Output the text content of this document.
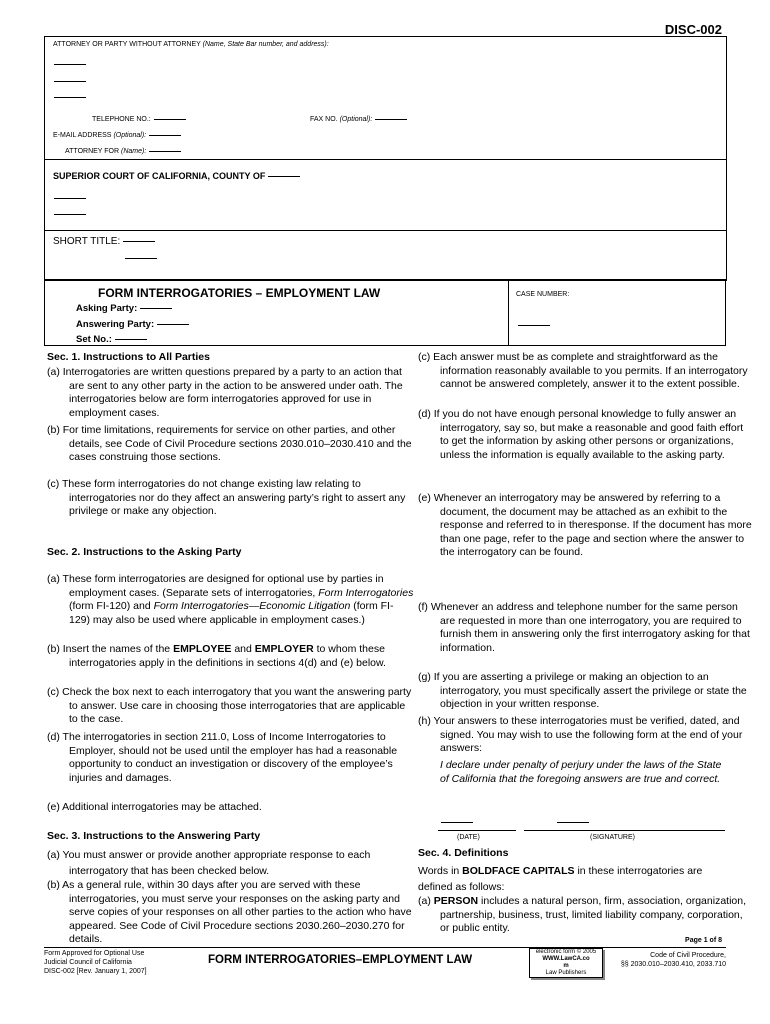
DISC-002
ATTORNEY OR PARTY WITHOUT ATTORNEY (Name, State Bar number, and address):
TELEPHONE NO.:	FAX NO. (Optional):
E-MAIL ADDRESS (Optional):
ATTORNEY FOR (Name):
SUPERIOR COURT OF CALIFORNIA, COUNTY OF
SHORT TITLE:
FORM INTERROGATORIES – EMPLOYMENT LAW
Asking Party:
Answering Party:
Set No.:
CASE NUMBER:
Sec. 1. Instructions to All Parties
(a) Interrogatories are written questions prepared by a party to an action that are sent to any other party in the action to be answered under oath. The interrogatories below are form interrogatories approved for use in employment cases.
(b) For time limitations, requirements for service on other parties, and other details, see Code of Civil Procedure sections 2030.010–2030.410 and the cases construing those sections.
(c) These form interrogatories do not change existing law relating to interrogatories nor do they affect an answering party’s right to assert any privilege or make any objection.
Sec. 2. Instructions to the Asking Party
(a) These form interrogatories are designed for optional use by parties in employment cases. (Separate sets of interrogatories, Form Interrogatories (form FI-120) and Form Interrogatories—Economic Litigation (form FI-129) may also be used where applicable in employment cases.)
(b) Insert the names of the EMPLOYEE and EMPLOYER to whom these interrogatories apply in the definitions in sections 4(d) and (e) below.
(c) Check the box next to each interrogatory that you want the answering party to answer. Use care in choosing those interrogatories that are applicable to the case.
(d) The interrogatories in section 211.0, Loss of Income Interrogatories to Employer, should not be used until the employer has had a reasonable opportunity to conduct an investigation or discovery of the employee’s injuries and damages.
(e) Additional interrogatories may be attached.
Sec. 3. Instructions to the Answering Party
(a) You must answer or provide another appropriate response to each interrogatory that has been checked below.
(b) As a general rule, within 30 days after you are served with these interrogatories, you must serve your responses on the asking party and serve copies of your responses on all other parties to the action who have appeared. See Code of Civil Procedure sections 2030.260–2030.270 for details.
(c) Each answer must be as complete and straightforward as the information reasonably available to you permits. If an interrogatory cannot be answered completely, answer it to the extent possible.
(d) If you do not have enough personal knowledge to fully answer an interrogatory, say so, but make a reasonable and good faith effort to get the information by asking other persons or organizations, unless the information is equally available to the asking party.
(e) Whenever an interrogatory may be answered by referring to a document, the document may be attached as an exhibit to the response and referred to in theresponse. If the document has more than one page, refer to the page and section where the answer to the interrogatory can be found.
(f) Whenever an address and telephone number for the same person are requested in more than one interrogatory, you are required to furnish them in answering only the first interrogatory asking for that information.
(g) If you are asserting a privilege or making an objection to an interrogatory, you must specifically assert the privilege or state the objection in your written response.
(h) Your answers to these interrogatories must be verified, dated, and signed. You may wish to use the following form at the end of your answers:
I declare under penalty of perjury under the laws of the State of California that the foregoing answers are true and correct.
(DATE)	(SIGNATURE)
Sec. 4. Definitions
Words in BOLDFACE CAPITALS in these interrogatories are defined as follows:
(a) PERSON includes a natural person, firm, association, organization, partnership, business, trust, limited liability company, corporation, or public entity.
Page 1 of 8
Form Approved for Optional Use
Judicial Council of California
DISC-002 [Rev. January 1, 2007]
FORM INTERROGATORIES–EMPLOYMENT LAW
electronic form © 2005
WWW.LawCA.co
m
Law Publishers
Code of Civil Procedure,
§§ 2030.010–2030.410, 2033.710
